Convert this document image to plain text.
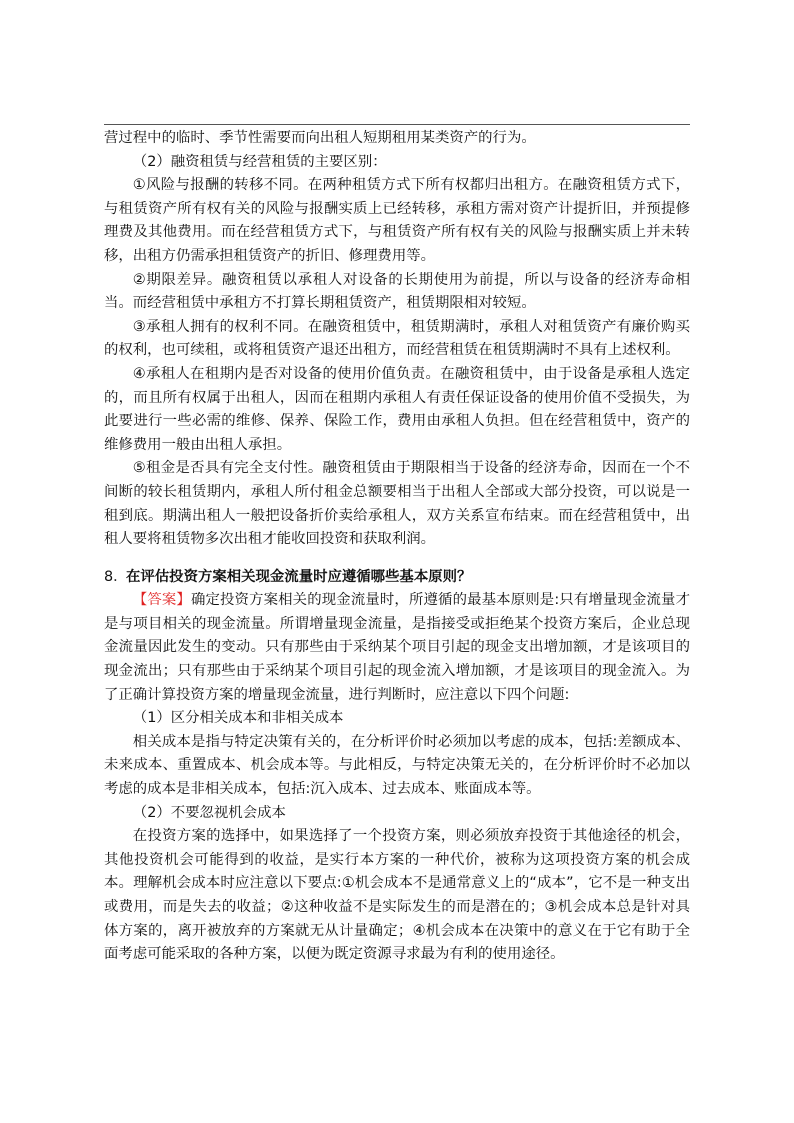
营过程中的临时、季节性需要而向出租人短期租用某类资产的行为。

（2）融资租赁与经营租赁的主要区别：

①风险与报酬的转移不同。在两种租赁方式下所有权都归出租方。在融资租赁方式下，与租赁资产所有权有关的风险与报酬实质上已经转移，承租方需对资产计提折旧，并预提修理费及其他费用。而在经营租赁方式下，与租赁资产所有权有关的风险与报酬实质上并未转移，出租方仍需承担租赁资产的折旧、修理费用等。

②期限差异。融资租赁以承租人对设备的长期使用为前提，所以与设备的经济寿命相当。而经营租赁中承租方不打算长期租赁资产，租赁期限相对较短。

③承租人拥有的权利不同。在融资租赁中，租赁期满时，承租人对租赁资产有廉价购买的权利，也可续租，或将租赁资产退还出租方，而经营租赁在租赁期满时不具有上述权利。

④承租人在租期内是否对设备的使用价值负责。在融资租赁中，由于设备是承租人选定的，而且所有权属于出租人，因而在租期内承租人有责任保证设备的使用价值不受损失，为此要进行一些必需的维修、保养、保险工作，费用由承租人负担。但在经营租赁中，资产的维修费用一般由出租人承担。

⑤租金是否具有完全支付性。融资租赁由于期限相当于设备的经济寿命，因而在一个不间断的较长租赁期内，承租人所付租金总额要相当于出租人全部或大部分投资，可以说是一租到底。期满出租人一般把设备折价卖给承租人，双方关系宣布结束。而在经营租赁中，出租人要将租赁物多次出租才能收回投资和获取利润。

8．在评估投资方案相关现金流量时应遵循哪些基本原则？

【答案】确定投资方案相关的现金流量时，所遵循的最基本原则是:只有增量现金流量才是与项目相关的现金流量。所谓增量现金流量，是指接受或拒绝某个投资方案后，企业总现金流量因此发生的变动。只有那些由于采纳某个项目引起的现金支出增加额，才是该项目的现金流出；只有那些由于采纳某个项目引起的现金流入增加额，才是该项目的现金流入。为了正确计算投资方案的增量现金流量，进行判断时，应注意以下四个问题:

（1）区分相关成本和非相关成本

相关成本是指与特定决策有关的，在分析评价时必须加以考虑的成本，包括:差额成本、未来成本、重置成本、机会成本等。与此相反，与特定决策无关的，在分析评价时不必加以考虑的成本是非相关成本，包括:沉入成本、过去成本、账面成本等。

（2）不要忽视机会成本

在投资方案的选择中，如果选择了一个投资方案，则必须放弃投资于其他途径的机会，其他投资机会可能得到的收益，是实行本方案的一种代价，被称为这项投资方案的机会成本。理解机会成本时应注意以下要点:①机会成本不是通常意义上的“成本”，它不是一种支出或费用，而是失去的收益；②这种收益不是实际发生的而是潜在的；③机会成本总是针对具体方案的，离开被放弃的方案就无从计量确定；④机会成本在决策中的意义在于它有助于全面考虑可能采取的各种方案，以便为既定资源寻求最为有利的使用途径。
